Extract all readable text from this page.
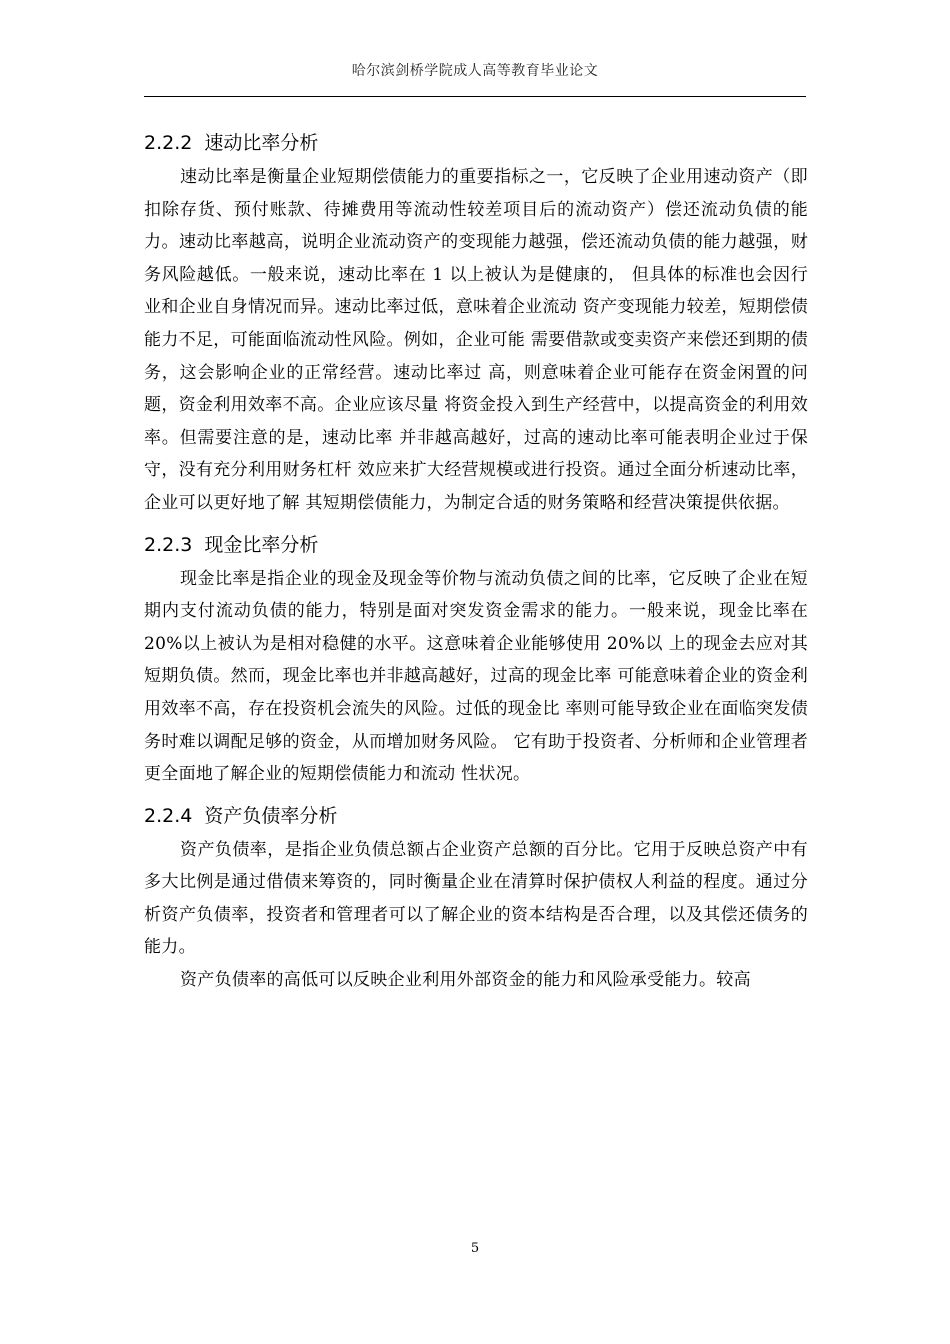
哈尔滨剑桥学院成人高等教育毕业论文
2.2.2 速动比率分析

速动比率是衡量企业短期偿债能力的重要指标之一，它反映了企业用速动资产（即扣除存货、预付账款、待摊费用等流动性较差项目后的流动资产）偿还流动负债的能力。速动比率越高，说明企业流动资产的变现能力越强，偿还流动负债的能力越强，财务风险越低。一般来说，速动比率在 1 以上被认为是健康的， 但具体的标准也会因行业和企业自身情况而异。速动比率过低，意味着企业流动 资产变现能力较差，短期偿债能力不足，可能面临流动性风险。例如，企业可能 需要借款或变卖资产来偿还到期的债务，这会影响企业的正常经营。速动比率过 高，则意味着企业可能存在资金闲置的问题，资金利用效率不高。企业应该尽量 将资金投入到生产经营中，以提高资金的利用效率。但需要注意的是，速动比率 并非越高越好，过高的速动比率可能表明企业过于保守，没有充分利用财务杠杆 效应来扩大经营规模或进行投资。通过全面分析速动比率，企业可以更好地了解 其短期偿债能力，为制定合适的财务策略和经营决策提供依据。

2.2.3 现金比率分析

现金比率是指企业的现金及现金等价物与流动负债之间的比率，它反映了企业在短期内支付流动负债的能力，特别是面对突发资金需求的能力。一般来说，现金比率在 20%以上被认为是相对稳健的水平。这意味着企业能够使用 20%以 上的现金去应对其短期负债。然而，现金比率也并非越高越好，过高的现金比率 可能意味着企业的资金利用效率不高，存在投资机会流失的风险。过低的现金比 率则可能导致企业在面临突发债务时难以调配足够的资金，从而增加财务风险。 它有助于投资者、分析师和企业管理者更全面地了解企业的短期偿债能力和流动 性状况。

2.2.4 资产负债率分析

资产负债率，是指企业负债总额占企业资产总额的百分比。它用于反映总资产中有多大比例是通过借债来筹资的，同时衡量企业在清算时保护债权人利益的程度。通过分析资产负债率，投资者和管理者可以了解企业的资本结构是否合理，以及其偿还债务的能力。

资产负债率的高低可以反映企业利用外部资金的能力和风险承受能力。较高

5
